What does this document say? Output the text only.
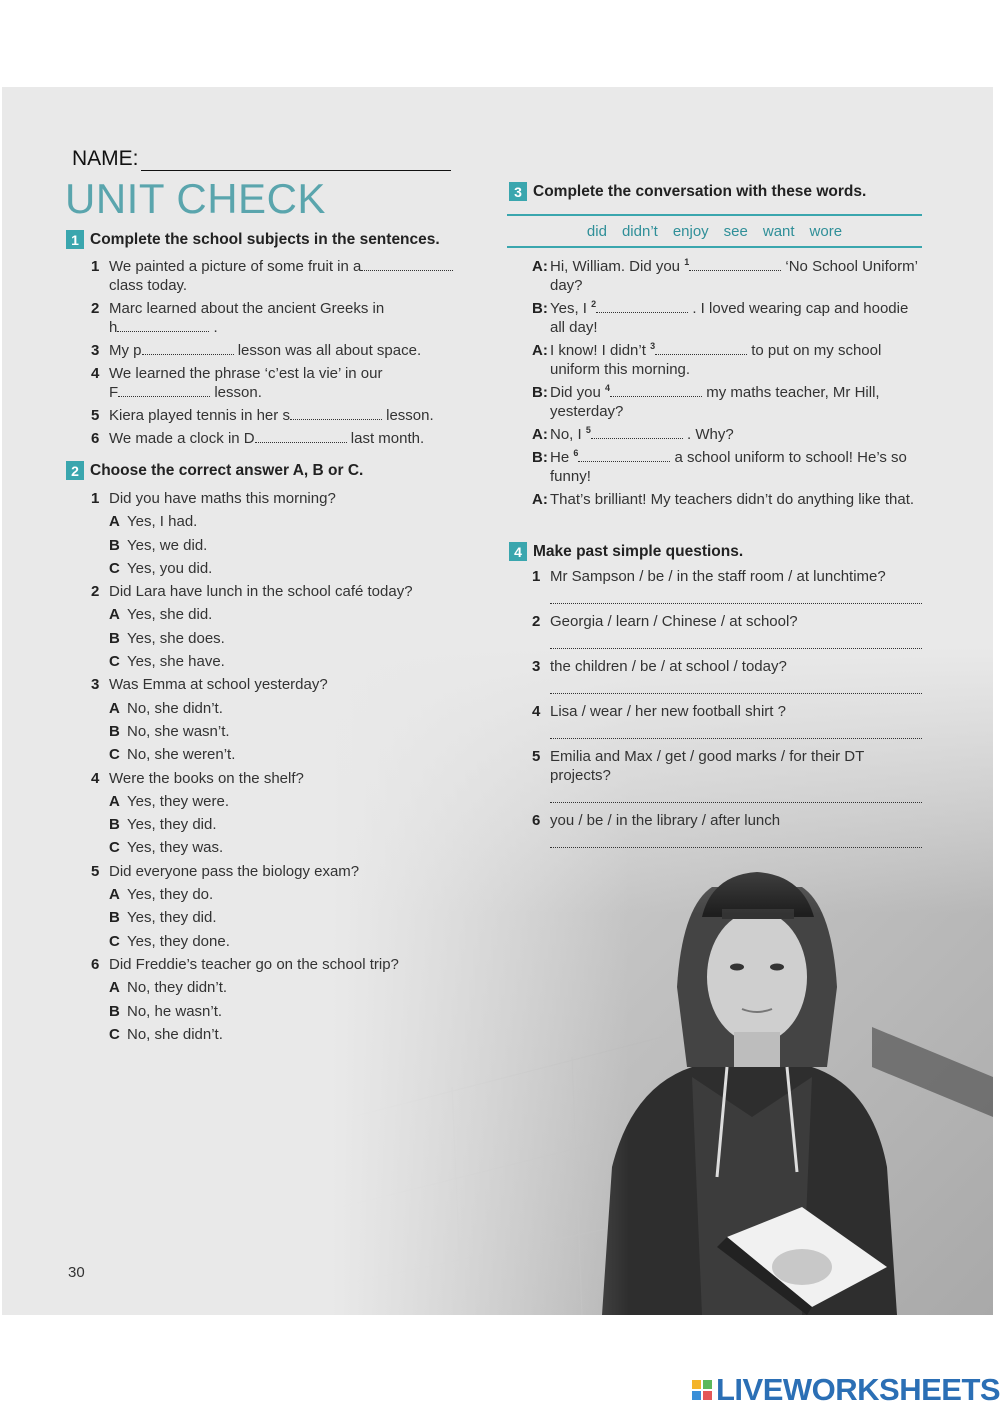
NAME:
UNIT CHECK
1 Complete the school subjects in the sentences.
1 We painted a picture of some fruit in a
class today.
2 Marc learned about the ancient Greeks in
h	.
3 My p	lesson was all about space.
4 We learned the phrase ‘c’est la vie’ in our
F	lesson.
5 Kiera played tennis in her s	lesson.
6 We made a clock in D	last month.
2 Choose the correct answer A, B or C.
1 Did you have maths this morning?
A Yes, I had.
B Yes, we did.
C Yes, you did.
2 Did Lara have lunch in the school café today?
A Yes, she did.
B Yes, she does.
C Yes, she have.
3 Was Emma at school yesterday?
A No, she didn’t.
B No, she wasn’t.
C No, she weren’t.
4 Were the books on the shelf?
A Yes, they were.
B Yes, they did.
C Yes, they was.
5 Did everyone pass the biology exam?
A Yes, they do.
B Yes, they did.
C Yes, they done.
6 Did Freddie’s teacher go on the school trip?
A No, they didn’t.
B No, he wasn’t.
C No, she didn’t.
3 Complete the conversation with these words.
did didn’t enjoy see want wore
A: Hi, William. Did you $^1$	‘No School Uniform’ day?
B: Yes, I $^2$	. I loved wearing cap and hoodie all day!
A: I know! I didn’t $^3$	to put on my school uniform this morning.
B: Did you $^4$	my maths teacher, Mr Hill, yesterday?
A: No, I $^5$	. Why?
B: He $^6$	a school uniform to school! He’s so funny!
A: That’s brilliant! My teachers didn’t do anything like that.
4 Make past simple questions.
1 Mr Sampson / be / in the staff room / at lunchtime?
2 Georgia / learn / Chinese / at school?
3 the children / be / at school / today?
4 Lisa / wear / her new football shirt ?
5 Emilia and Max / get / good marks / for their DT projects?
6 you / be / in the library / after lunch
30
LIVEWORKSHEETS
